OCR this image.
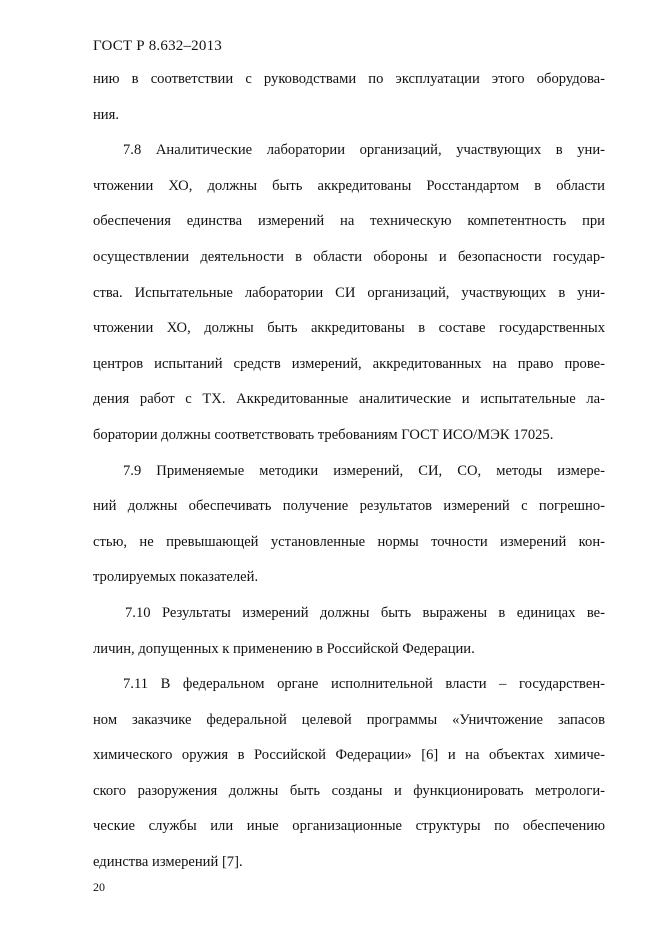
ГОСТ Р 8.632–2013
нию в соответствии с руководствами по эксплуатации этого оборудова-
ния.
7.8 Аналитические лаборатории организаций, участвующих в уни-
чтожении ХО, должны быть аккредитованы Росстандартом в области
обеспечения единства измерений на техническую компетентность при
осуществлении деятельности в области обороны и безопасности государ-
ства. Испытательные лаборатории СИ организаций, участвующих в уни-
чтожении ХО, должны быть аккредитованы в составе государственных
центров испытаний средств измерений, аккредитованных на право прове-
дения работ с ТХ. Аккредитованные аналитические и испытательные ла-
боратории должны соответствовать требованиям ГОСТ ИСО/МЭК 17025.
7.9 Применяемые методики измерений, СИ, СО, методы измере-
ний должны обеспечивать получение результатов измерений с погрешно-
стью, не превышающей установленные нормы точности измерений кон-
тролируемых показателей.
7.10 Результаты измерений должны быть выражены в единицах ве-
личин, допущенных к применению в Российской Федерации.
7.11 В федеральном органе исполнительной власти – государствен-
ном заказчике федеральной целевой программы «Уничтожение запасов
химического оружия в Российской Федерации» [6] и на объектах химиче-
ского разоружения должны быть созданы и функционировать метрологи-
ческие службы или иные организационные структуры по обеспечению
единства измерений [7].
20
